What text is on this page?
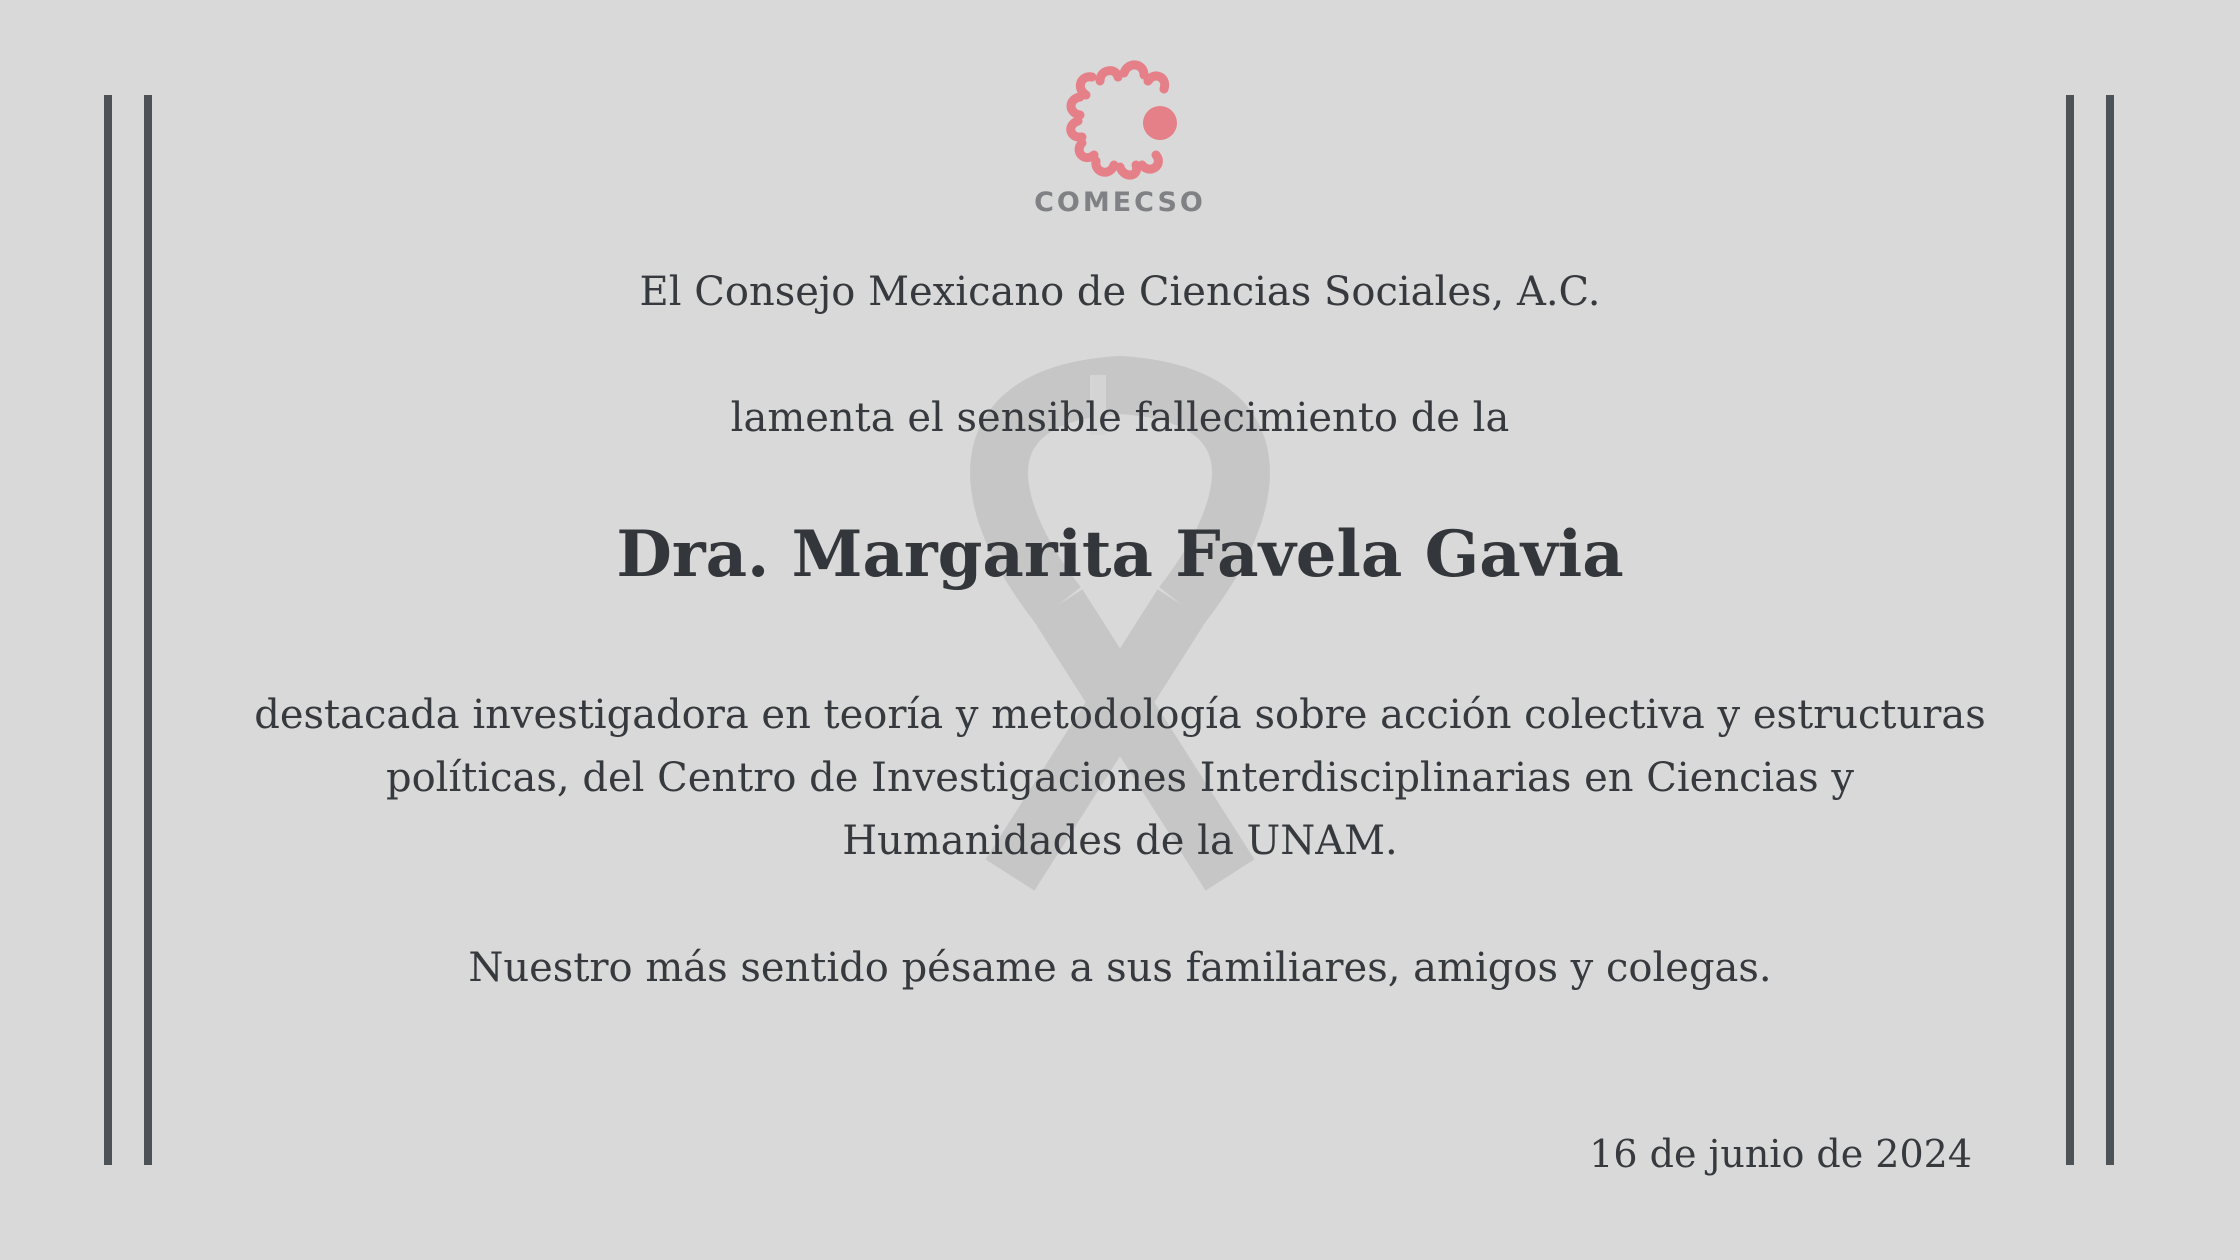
COMECSO
El Consejo Mexicano de Ciencias Sociales, A.C.
lamenta el sensible fallecimiento de la
Dra. Margarita Favela Gavia
destacada investigadora en teoría y metodología sobre acción colectiva y estructuras políticas, del Centro de Investigaciones Interdisciplinarias en Ciencias y Humanidades de la UNAM.
Nuestro más sentido pésame a sus familiares, amigos y colegas.
16 de junio de 2024
